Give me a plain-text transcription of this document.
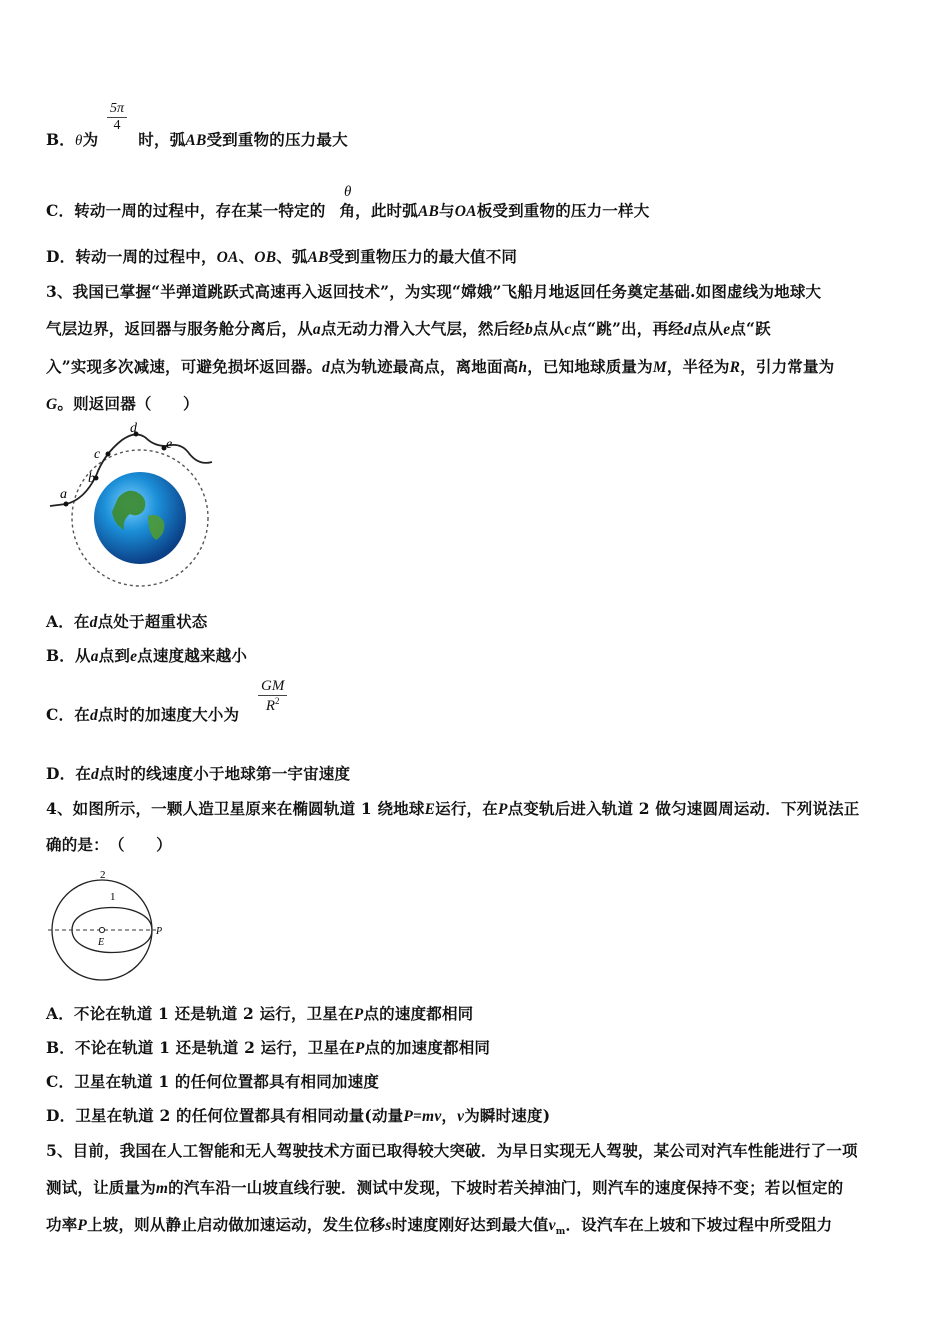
B．θ为	时，弧AB受到重物的压力最大
$\frac{5\pi}{4}$
C．转动一周的过程中，存在某一特定的 角，此时弧AB与OA板受到重物的压力一样大
θ
D．转动一周的过程中，OA、OB、弧AB受到重物压力的最大值不同
3、我国已掌握“半弹道跳跃式高速再入返回技术”，为实现“嫦娥”飞船月地返回任务奠定基础.如图虚线为地球大
气层边界，返回器与服务舱分离后，从a点无动力滑入大气层，然后经b点从c点“跳”出，再经d点从e点“跃
入”实现多次减速，可避免损坏返回器。d点为轨迹最高点，离地面高h，已知地球质量为M，半径为R，引力常量为
G。则返回器（　　）
a
b
c
d
e
A．在d点处于超重状态
B．从a点到e点速度越来越小
C．在d点时的加速度大小为 $\frac{GM}{R^2}$
D．在d点时的线速度小于地球第一宇宙速度
4、如图所示，一颗人造卫星原来在椭圆轨道 1 绕地球E运行，在P点变轨后进入轨道 2 做匀速圆周运动．下列说法正
确的是：　（　　）
2
1
E
P
A．不论在轨道 1 还是轨道 2 运行，卫星在P点的速度都相同
B．不论在轨道 1 还是轨道 2 运行，卫星在P点的加速度都相同
C．卫星在轨道 1 的任何位置都具有相同加速度
D．卫星在轨道 2 的任何位置都具有相同动量(动量P=mv，v为瞬时速度)
5、目前，我国在人工智能和无人驾驶技术方面已取得较大突破．为早日实现无人驾驶，某公司对汽车性能进行了一项
测试，让质量为m的汽车沿一山坡直线行驶．测试中发现，下坡时若关掉油门，则汽车的速度保持不变；若以恒定的
功率P上坡，则从静止启动做加速运动，发生位移s时速度刚好达到最大值$v_m$．设汽车在上坡和下坡过程中所受阻力
